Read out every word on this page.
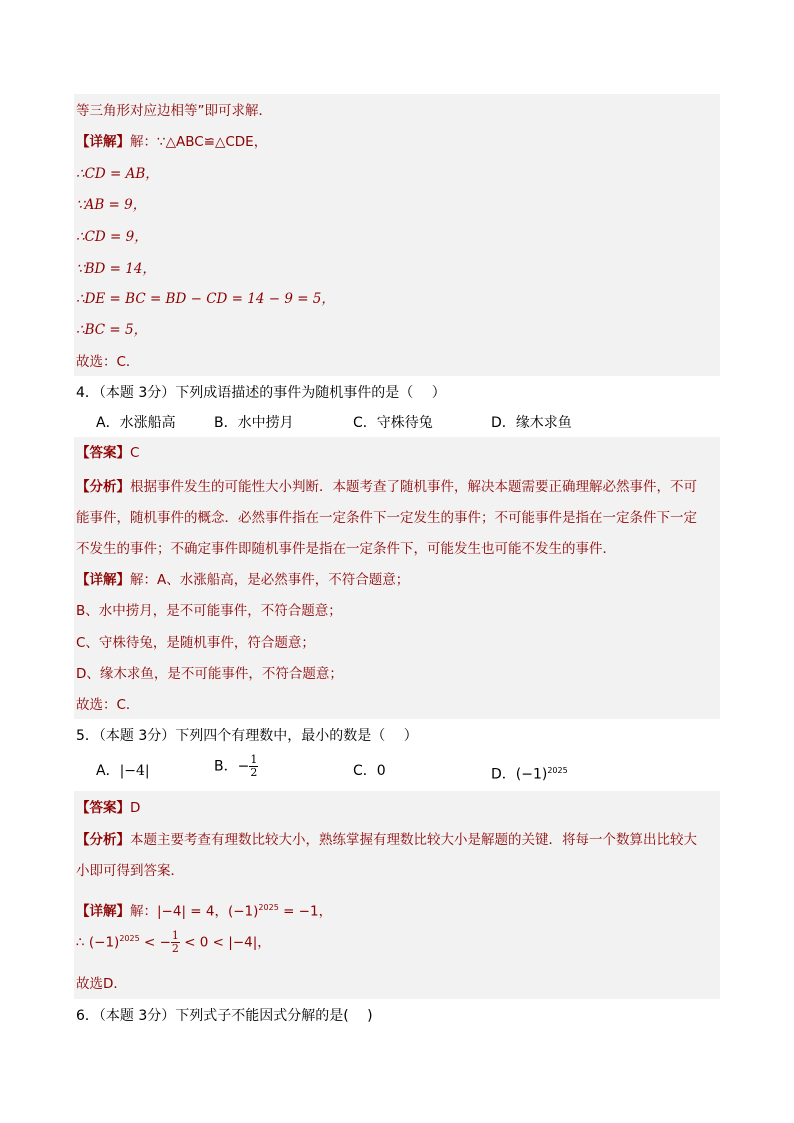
等三角形对应边相等”即可求解．
【详解】解：∵△ABC≌△CDE，
∴CD = AB，
∵AB = 9，
∴CD = 9，
∵BD = 14，
∴DE = BC = BD − CD = 14 − 9 = 5，
∴BC = 5，
故选：C．
4．（本题 3分）下列成语描述的事件为随机事件的是（　 ）
A．水涨船高	B．水中捞月	C．守株待兔	D．缘木求鱼
【答案】C
【分析】根据事件发生的可能性大小判断．本题考查了随机事件，解决本题需要正确理解必然事件，不可
能事件，随机事件的概念．必然事件指在一定条件下一定发生的事件；不可能事件是指在一定条件下一定
不发生的事件；不确定事件即随机事件是指在一定条件下，可能发生也可能不发生的事件．
【详解】解：A、水涨船高，是必然事件，不符合题意；
B、水中捞月，是不可能事件，不符合题意；
C、守株待兔，是随机事件，符合题意；
D、缘木求鱼，是不可能事件，不符合题意；
故选：C．
5．（本题 3分）下列四个有理数中，最小的数是（　 ）
A．|−4|	B．− $\frac{1}{2}$	C．0	D．$(-1)^{2025}$
【答案】D
【分析】本题主要考查有理数比较大小，熟练掌握有理数比较大小是解题的关键．将每一个数算出比较大
小即可得到答案．
【详解】解：|−4| = 4，$(-1)^{2025} = -1$，
∴ $(-1)^{2025}$ < − $\frac{1}{2} < 0 < |-4|$，
故选D．
6．（本题 3分）下列式子不能因式分解的是(　 )
